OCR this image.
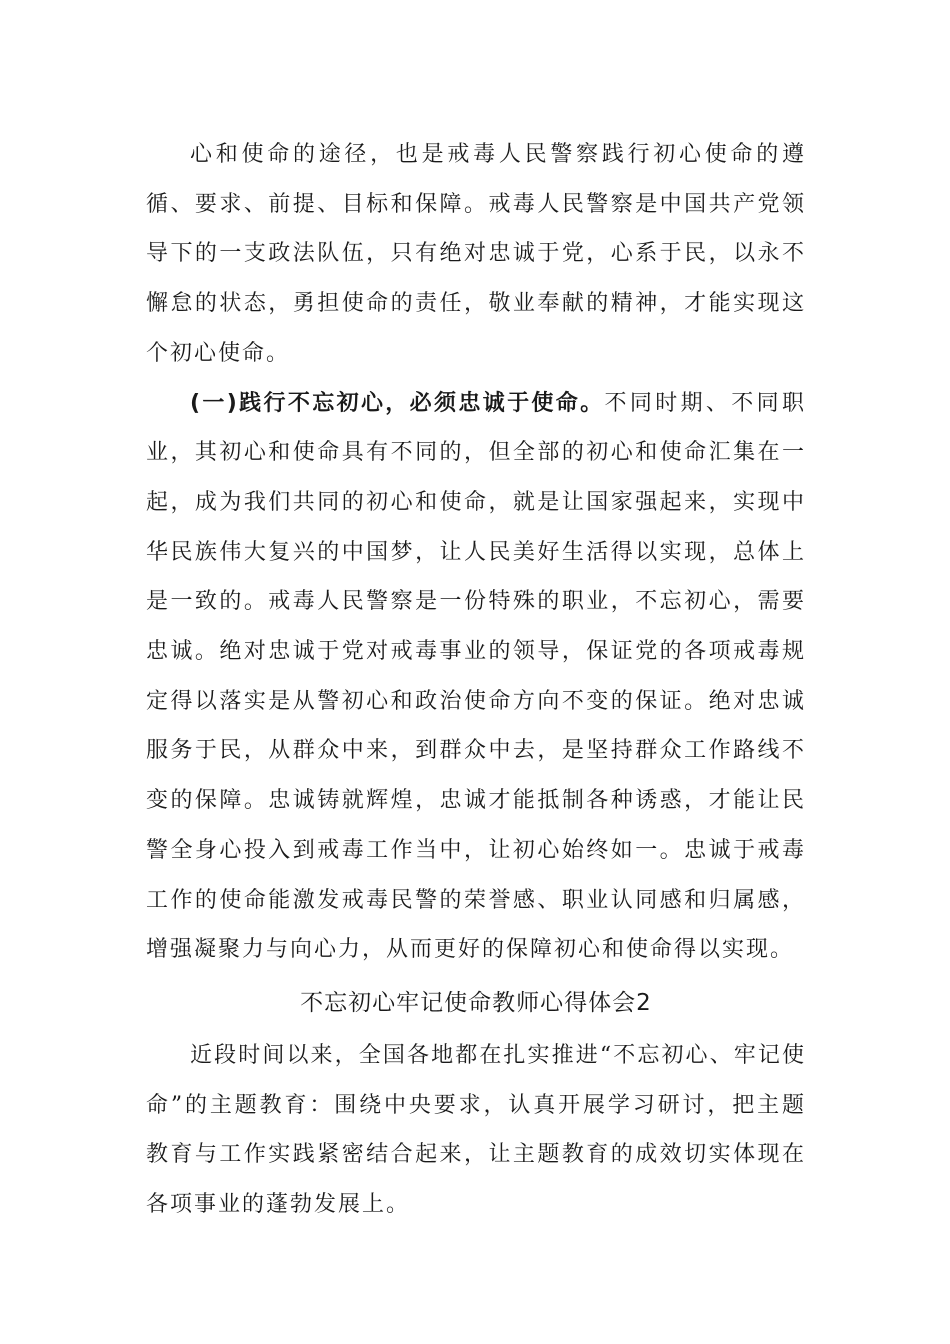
心和使命的途径，也是戒毒人民警察践行初心使命的遵循、要求、前提、目标和保障。戒毒人民警察是中国共产党领导下的一支政法队伍，只有绝对忠诚于党，心系于民，以永不懈怠的状态，勇担使命的责任，敬业奉献的精神，才能实现这个初心使命。

(一)践行不忘初心，必须忠诚于使命。不同时期、不同职业，其初心和使命具有不同的，但全部的初心和使命汇集在一起，成为我们共同的初心和使命，就是让国家强起来，实现中华民族伟大复兴的中国梦，让人民美好生活得以实现，总体上是一致的。戒毒人民警察是一份特殊的职业，不忘初心，需要忠诚。绝对忠诚于党对戒毒事业的领导，保证党的各项戒毒规定得以落实是从警初心和政治使命方向不变的保证。绝对忠诚服务于民，从群众中来，到群众中去，是坚持群众工作路线不变的保障。忠诚铸就辉煌，忠诚才能抵制各种诱惑，才能让民警全身心投入到戒毒工作当中，让初心始终如一。忠诚于戒毒工作的使命能激发戒毒民警的荣誉感、职业认同感和归属感，增强凝聚力与向心力，从而更好的保障初心和使命得以实现。

不忘初心牢记使命教师心得体会2

近段时间以来，全国各地都在扎实推进“不忘初心、牢记使命”的主题教育：围绕中央要求，认真开展学习研讨，把主题教育与工作实践紧密结合起来，让主题教育的成效切实体现在各项事业的蓬勃发展上。
